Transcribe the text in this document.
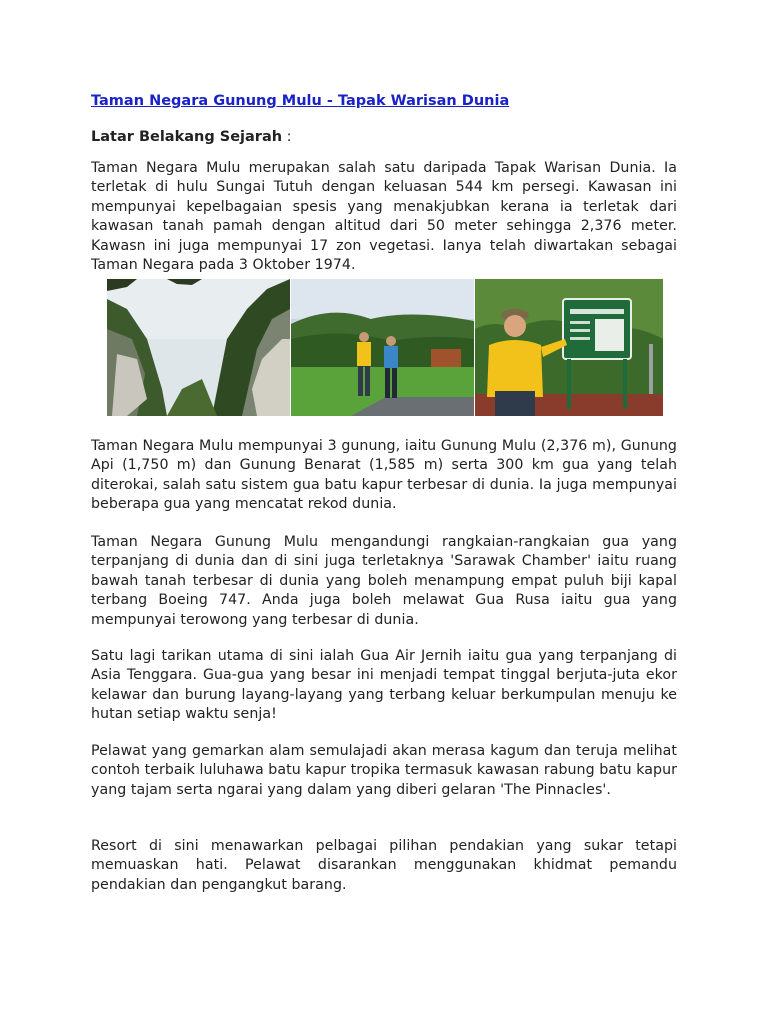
Taman Negara Gunung Mulu - Tapak Warisan Dunia
Latar Belakang Sejarah :

Taman Negara Mulu merupakan salah satu daripada Tapak Warisan Dunia. Ia terletak di hulu Sungai Tutuh dengan keluasan 544 km persegi. Kawasan ini mempunyai kepelbagaian spesis yang menakjubkan kerana ia terletak dari kawasan tanah pamah dengan altitud dari 50 meter sehingga 2,376 meter. Kawasn ini juga mempunyai 17 zon vegetasi. Ianya telah diwartakan sebagai Taman Negara pada 3 Oktober 1974.

Taman Negara Mulu mempunyai 3 gunung, iaitu Gunung Mulu (2,376 m), Gunung Api (1,750 m) dan Gunung Benarat (1,585 m) serta 300 km gua yang telah diterokai, salah satu sistem gua batu kapur terbesar di dunia. Ia juga mempunyai beberapa gua yang mencatat rekod dunia.

Taman Negara Gunung Mulu mengandungi rangkaian-rangkaian gua yang terpanjang di dunia dan di sini juga terletaknya 'Sarawak Chamber' iaitu ruang bawah tanah terbesar di dunia yang boleh menampung empat puluh biji kapal terbang Boeing 747. Anda juga boleh melawat Gua Rusa iaitu gua yang mempunyai terowong yang terbesar di dunia.

Satu lagi tarikan utama di sini ialah Gua Air Jernih iaitu gua yang terpanjang di Asia Tenggara. Gua-gua yang besar ini menjadi tempat tinggal berjuta-juta ekor kelawar dan burung layang-layang yang terbang keluar berkumpulan menuju ke hutan setiap waktu senja!

Pelawat yang gemarkan alam semulajadi akan merasa kagum dan teruja melihat contoh terbaik luluhawa batu kapur tropika termasuk kawasan rabung batu kapur yang tajam serta ngarai yang dalam yang diberi gelaran 'The Pinnacles'.

Resort di sini menawarkan pelbagai pilihan pendakian yang sukar tetapi memuaskan hati. Pelawat disarankan menggunakan khidmat pemandu pendakian dan pengangkut barang.
